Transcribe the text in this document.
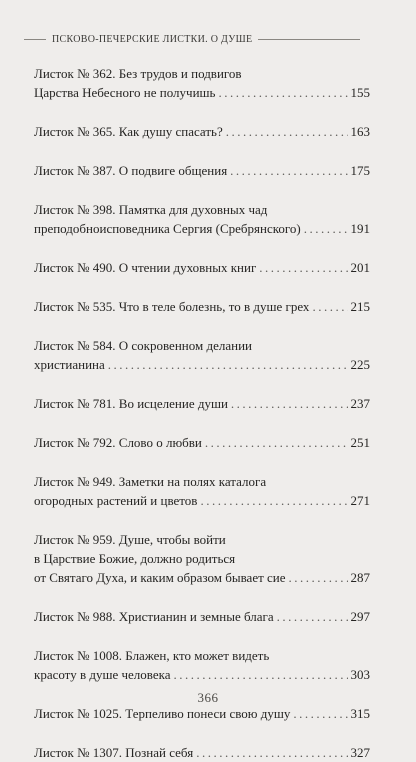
ПСКОВО-ПЕЧЕРСКИЕ ЛИСТКИ. О ДУШЕ
Листок № 362. Без трудов и подвигов
Царства Небесного не получишь .....	155
Листок № 365. Как душу спасать? .....	163
Листок № 387. О подвиге общения .....	175
Листок № 398. Памятка для духовных чад
преподобноисповедника Сергия (Сребрянского) .....	191
Листок № 490. О чтении духовных книг .....	201
Листок № 535. Что в теле болезнь, то в душе грех .....	215
Листок № 584. О сокровенном делании
христианина .....	225
Листок № 781. Во исцеление души .....	237
Листок № 792. Слово о любви .....	251
Листок № 949. Заметки на полях каталога
огородных растений и цветов .....	271
Листок № 959. Душе, чтобы войти
в Царствие Божие, должно родиться
от Святаго Духа, и каким образом бывает сие .....	287
Листок № 988. Христианин и земные блага .....	297
Листок № 1008. Блажен, кто может видеть
красоту в душе человека .....	303
Листок № 1025. Терпеливо понеси свою душу .....	315
Листок № 1307. Познай себя .....	327
366
